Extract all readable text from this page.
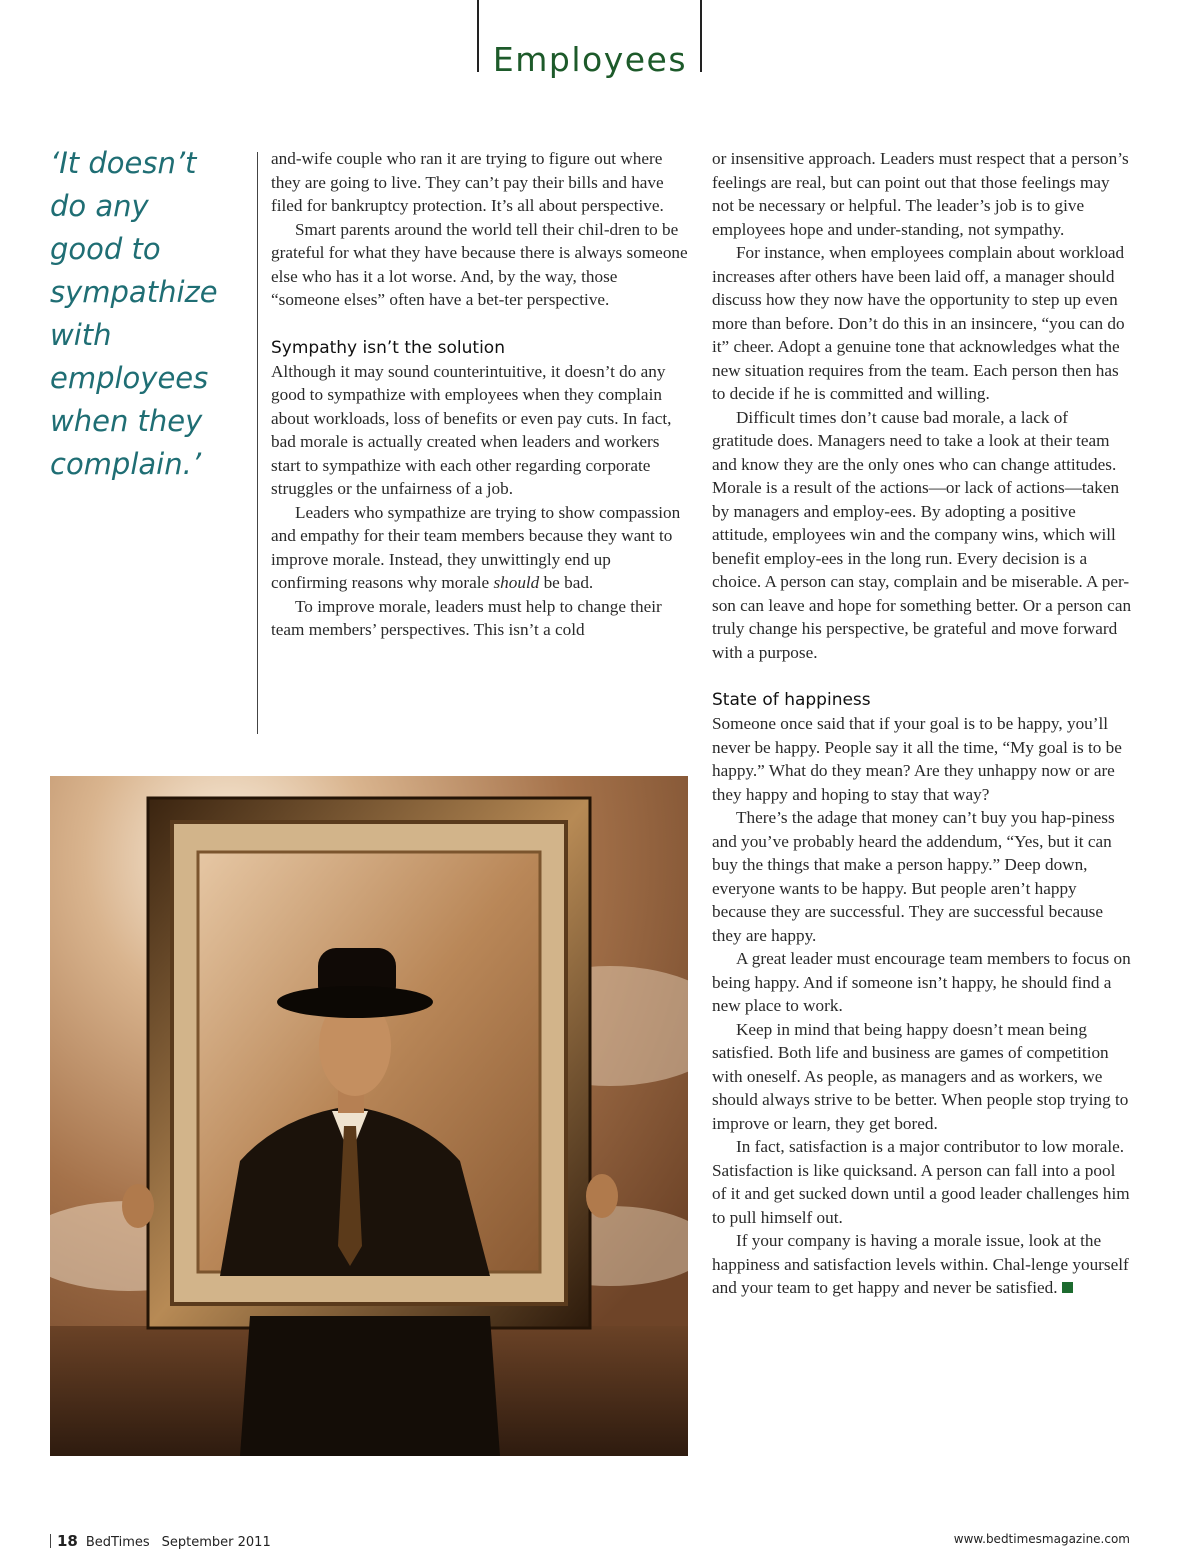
Employees
‘It doesn’t
do any
good to
sympathize
with
employees
when they
complain.’

and-wife couple who ran it are trying to figure out where they are going to live. They can’t pay their bills and have filed for bankruptcy protection. It’s all about perspective.

Smart parents around the world tell their chil-dren to be grateful for what they have because there is always someone else who has it a lot worse. And, by the way, those “someone elses” often have a bet-ter perspective.

Sympathy isn’t the solution

Although it may sound counterintuitive, it doesn’t do any good to sympathize with employees when they complain about workloads, loss of benefits or even pay cuts. In fact, bad morale is actually created when leaders and workers start to sympathize with each other regarding corporate struggles or the unfairness of a job.

Leaders who sympathize are trying to show compassion and empathy for their team members because they want to improve morale. Instead, they unwittingly end up confirming reasons why morale should be bad.

To improve morale, leaders must help to change their team members’ perspectives. This isn’t a cold

or insensitive approach. Leaders must respect that a person’s feelings are real, but can point out that those feelings may not be necessary or helpful. The leader’s job is to give employees hope and under-standing, not sympathy.

For instance, when employees complain about workload increases after others have been laid off, a manager should discuss how they now have the opportunity to step up even more than before. Don’t do this in an insincere, “you can do it” cheer. Adopt a genuine tone that acknowledges what the new situation requires from the team. Each person then has to decide if he is committed and willing.

Difficult times don’t cause bad morale, a lack of gratitude does. Managers need to take a look at their team and know they are the only ones who can change attitudes. Morale is a result of the actions—or lack of actions—taken by managers and employ-ees. By adopting a positive attitude, employees win and the company wins, which will benefit employ-ees in the long run. Every decision is a choice. A person can stay, complain and be miserable. A per-son can leave and hope for something better. Or a person can truly change his perspective, be grateful and move forward with a purpose.

State of happiness

Someone once said that if your goal is to be happy, you’ll never be happy. People say it all the time, “My goal is to be happy.” What do they mean? Are they unhappy now or are they happy and hoping to stay that way?

There’s the adage that money can’t buy you hap-piness and you’ve probably heard the addendum, “Yes, but it can buy the things that make a person happy.” Deep down, everyone wants to be happy. But people aren’t happy because they are successful. They are successful because they are happy.

A great leader must encourage team members to focus on being happy. And if someone isn’t happy, he should find a new place to work.

Keep in mind that being happy doesn’t mean being satisfied. Both life and business are games of competition with oneself. As people, as managers and as workers, we should always strive to be better. When people stop trying to improve or learn, they get bored.

In fact, satisfaction is a major contributor to low morale. Satisfaction is like quicksand. A person can fall into a pool of it and get sucked down until a good leader challenges him to pull himself out.

If your company is having a morale issue, look at the happiness and satisfaction levels within. Chal-lenge yourself and your team to get happy and never be satisfied.

18 BedTimes September 2011	www.bedtimesmagazine.com
